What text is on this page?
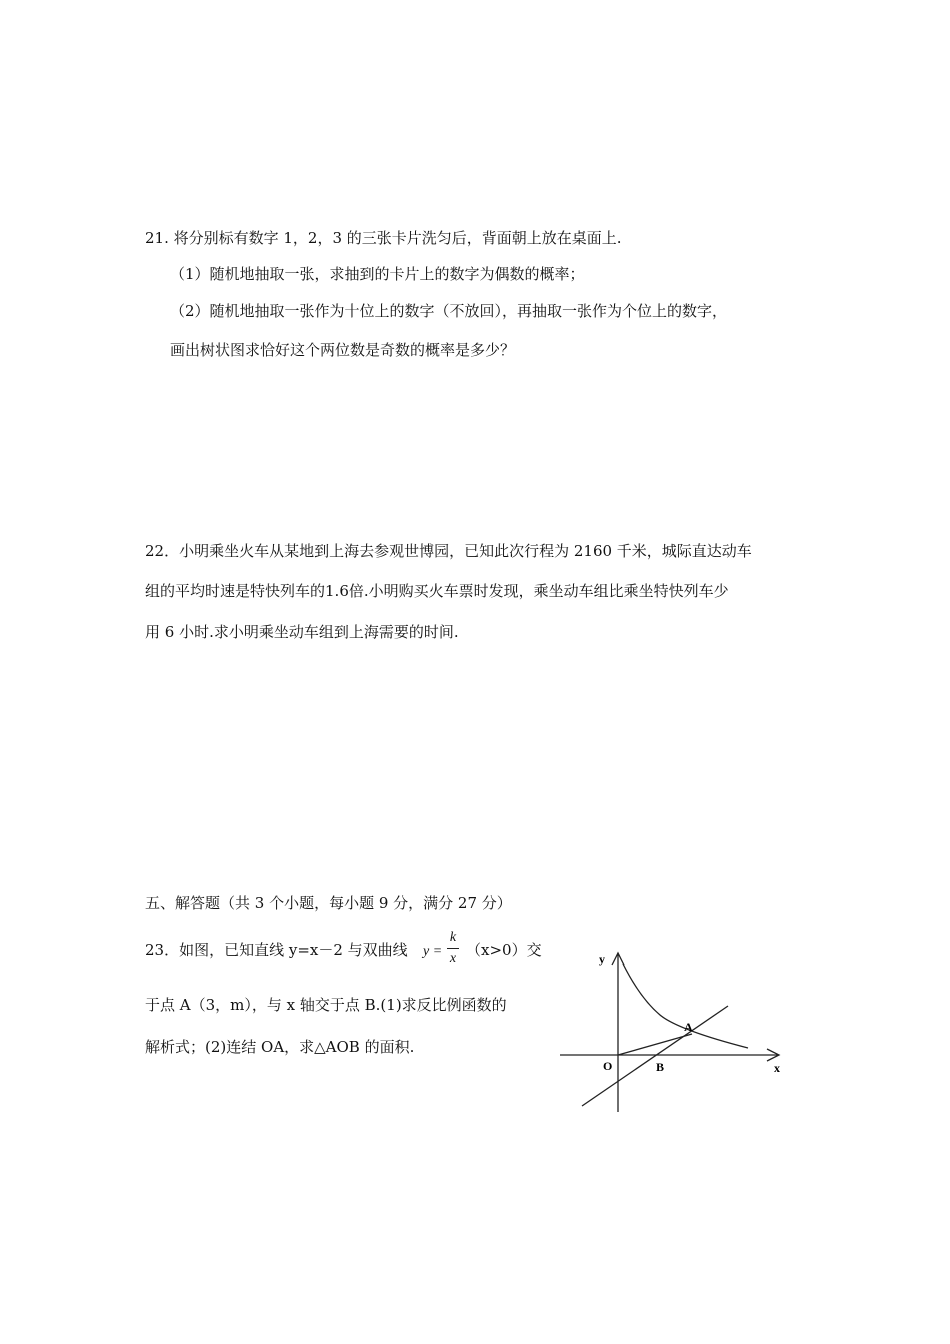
21. 将分别标有数字 1，2，3 的三张卡片洗匀后，背面朝上放在桌面上.
（1）随机地抽取一张，求抽到的卡片上的数字为偶数的概率；
（2）随机地抽取一张作为十位上的数字（不放回），再抽取一张作为个位上的数字，
画出树状图求恰好这个两位数是奇数的概率是多少？
22．小明乘坐火车从某地到上海去参观世博园，已知此次行程为 2160 千米，城际直达动车
组的平均时速是特快列车的1.6倍.小明购买火车票时发现，乘坐动车组比乘坐特快列车少
用 6 小时.求小明乘坐动车组到上海需要的时间.
五、解答题（共 3 个小题，每小题 9 分，满分 27 分）
23．如图，已知直线 y=x－2 与双曲线 y =
k
x （x>0）交
于点 A（3，m），与 x 轴交于点 B.(1)求反比例函数的
解析式；(2)连结 OA，求△AOB 的面积.
y
x
O
A
B
